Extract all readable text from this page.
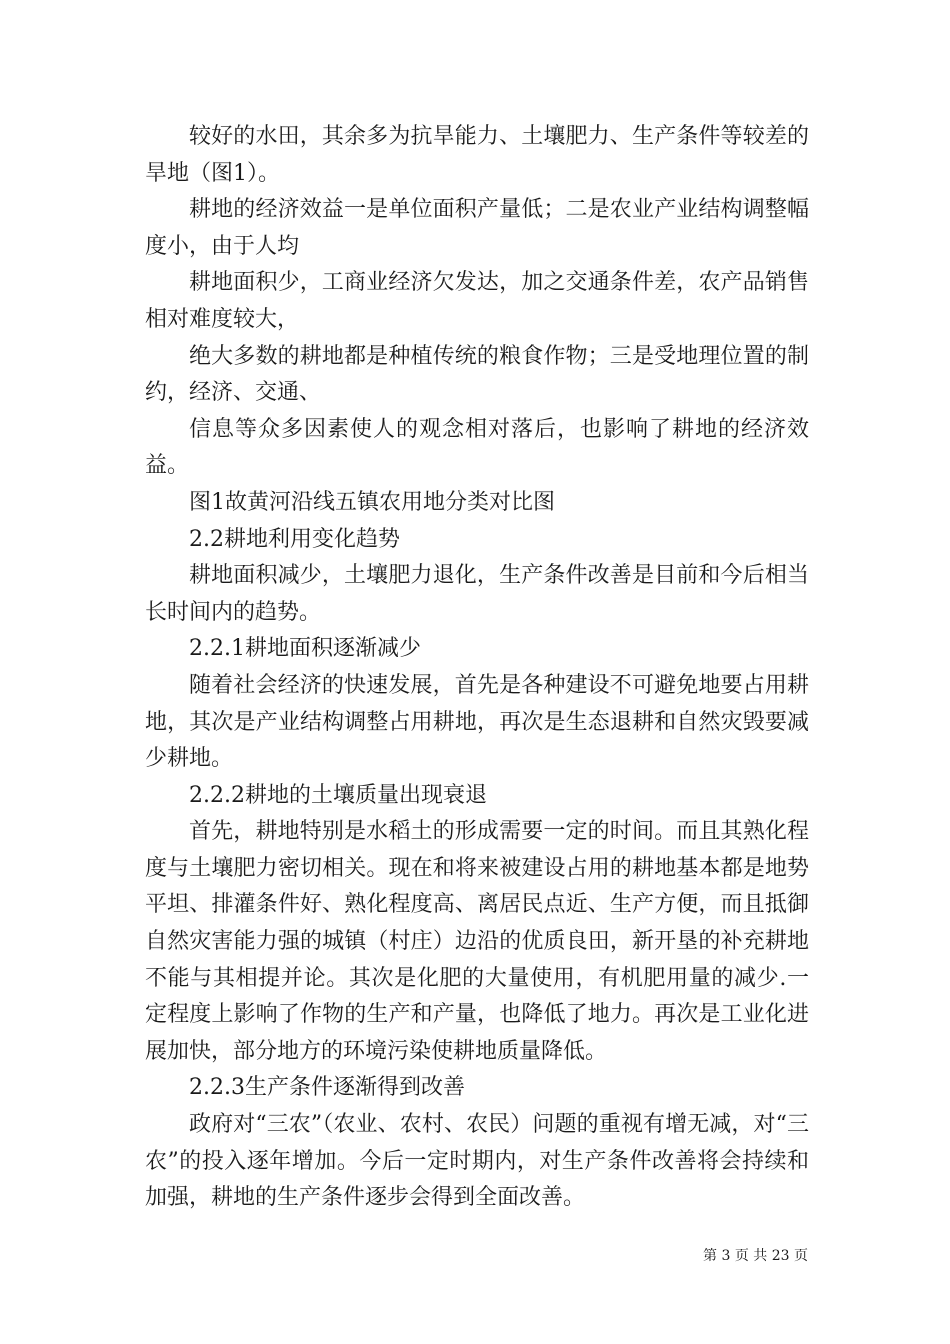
较好的水田，其余多为抗旱能力、土壤肥力、生产条件等较差的旱地（图1）。

耕地的经济效益一是单位面积产量低；二是农业产业结构调整幅度小，由于人均

耕地面积少，工商业经济欠发达，加之交通条件差，农产品销售相对难度较大，

绝大多数的耕地都是种植传统的粮食作物；三是受地理位置的制约，经济、交通、

信息等众多因素使人的观念相对落后，也影响了耕地的经济效益。

图1故黄河沿线五镇农用地分类对比图

2.2耕地利用变化趋势

耕地面积减少，土壤肥力退化，生产条件改善是目前和今后相当长时间内的趋势。

2.2.1耕地面积逐渐减少

随着社会经济的快速发展，首先是各种建设不可避免地要占用耕地，其次是产业结构调整占用耕地，再次是生态退耕和自然灾毁要减少耕地。

2.2.2耕地的土壤质量出现衰退

首先，耕地特别是水稻土的形成需要一定的时间。而且其熟化程度与土壤肥力密切相关。现在和将来被建设占用的耕地基本都是地势平坦、排灌条件好、熟化程度高、离居民点近、生产方便，而且抵御自然灾害能力强的城镇（村庄）边沿的优质良田，新开垦的补充耕地不能与其相提并论。其次是化肥的大量使用，有机肥用量的减少.一定程度上影响了作物的生产和产量，也降低了地力。再次是工业化进展加快，部分地方的环境污染使耕地质量降低。

2.2.3生产条件逐渐得到改善

政府对“三农”（农业、农村、农民）问题的重视有增无减，对“三农”的投入逐年增加。今后一定时期内，对生产条件改善将会持续和加强，耕地的生产条件逐步会得到全面改善。

第 3 页 共 23 页
